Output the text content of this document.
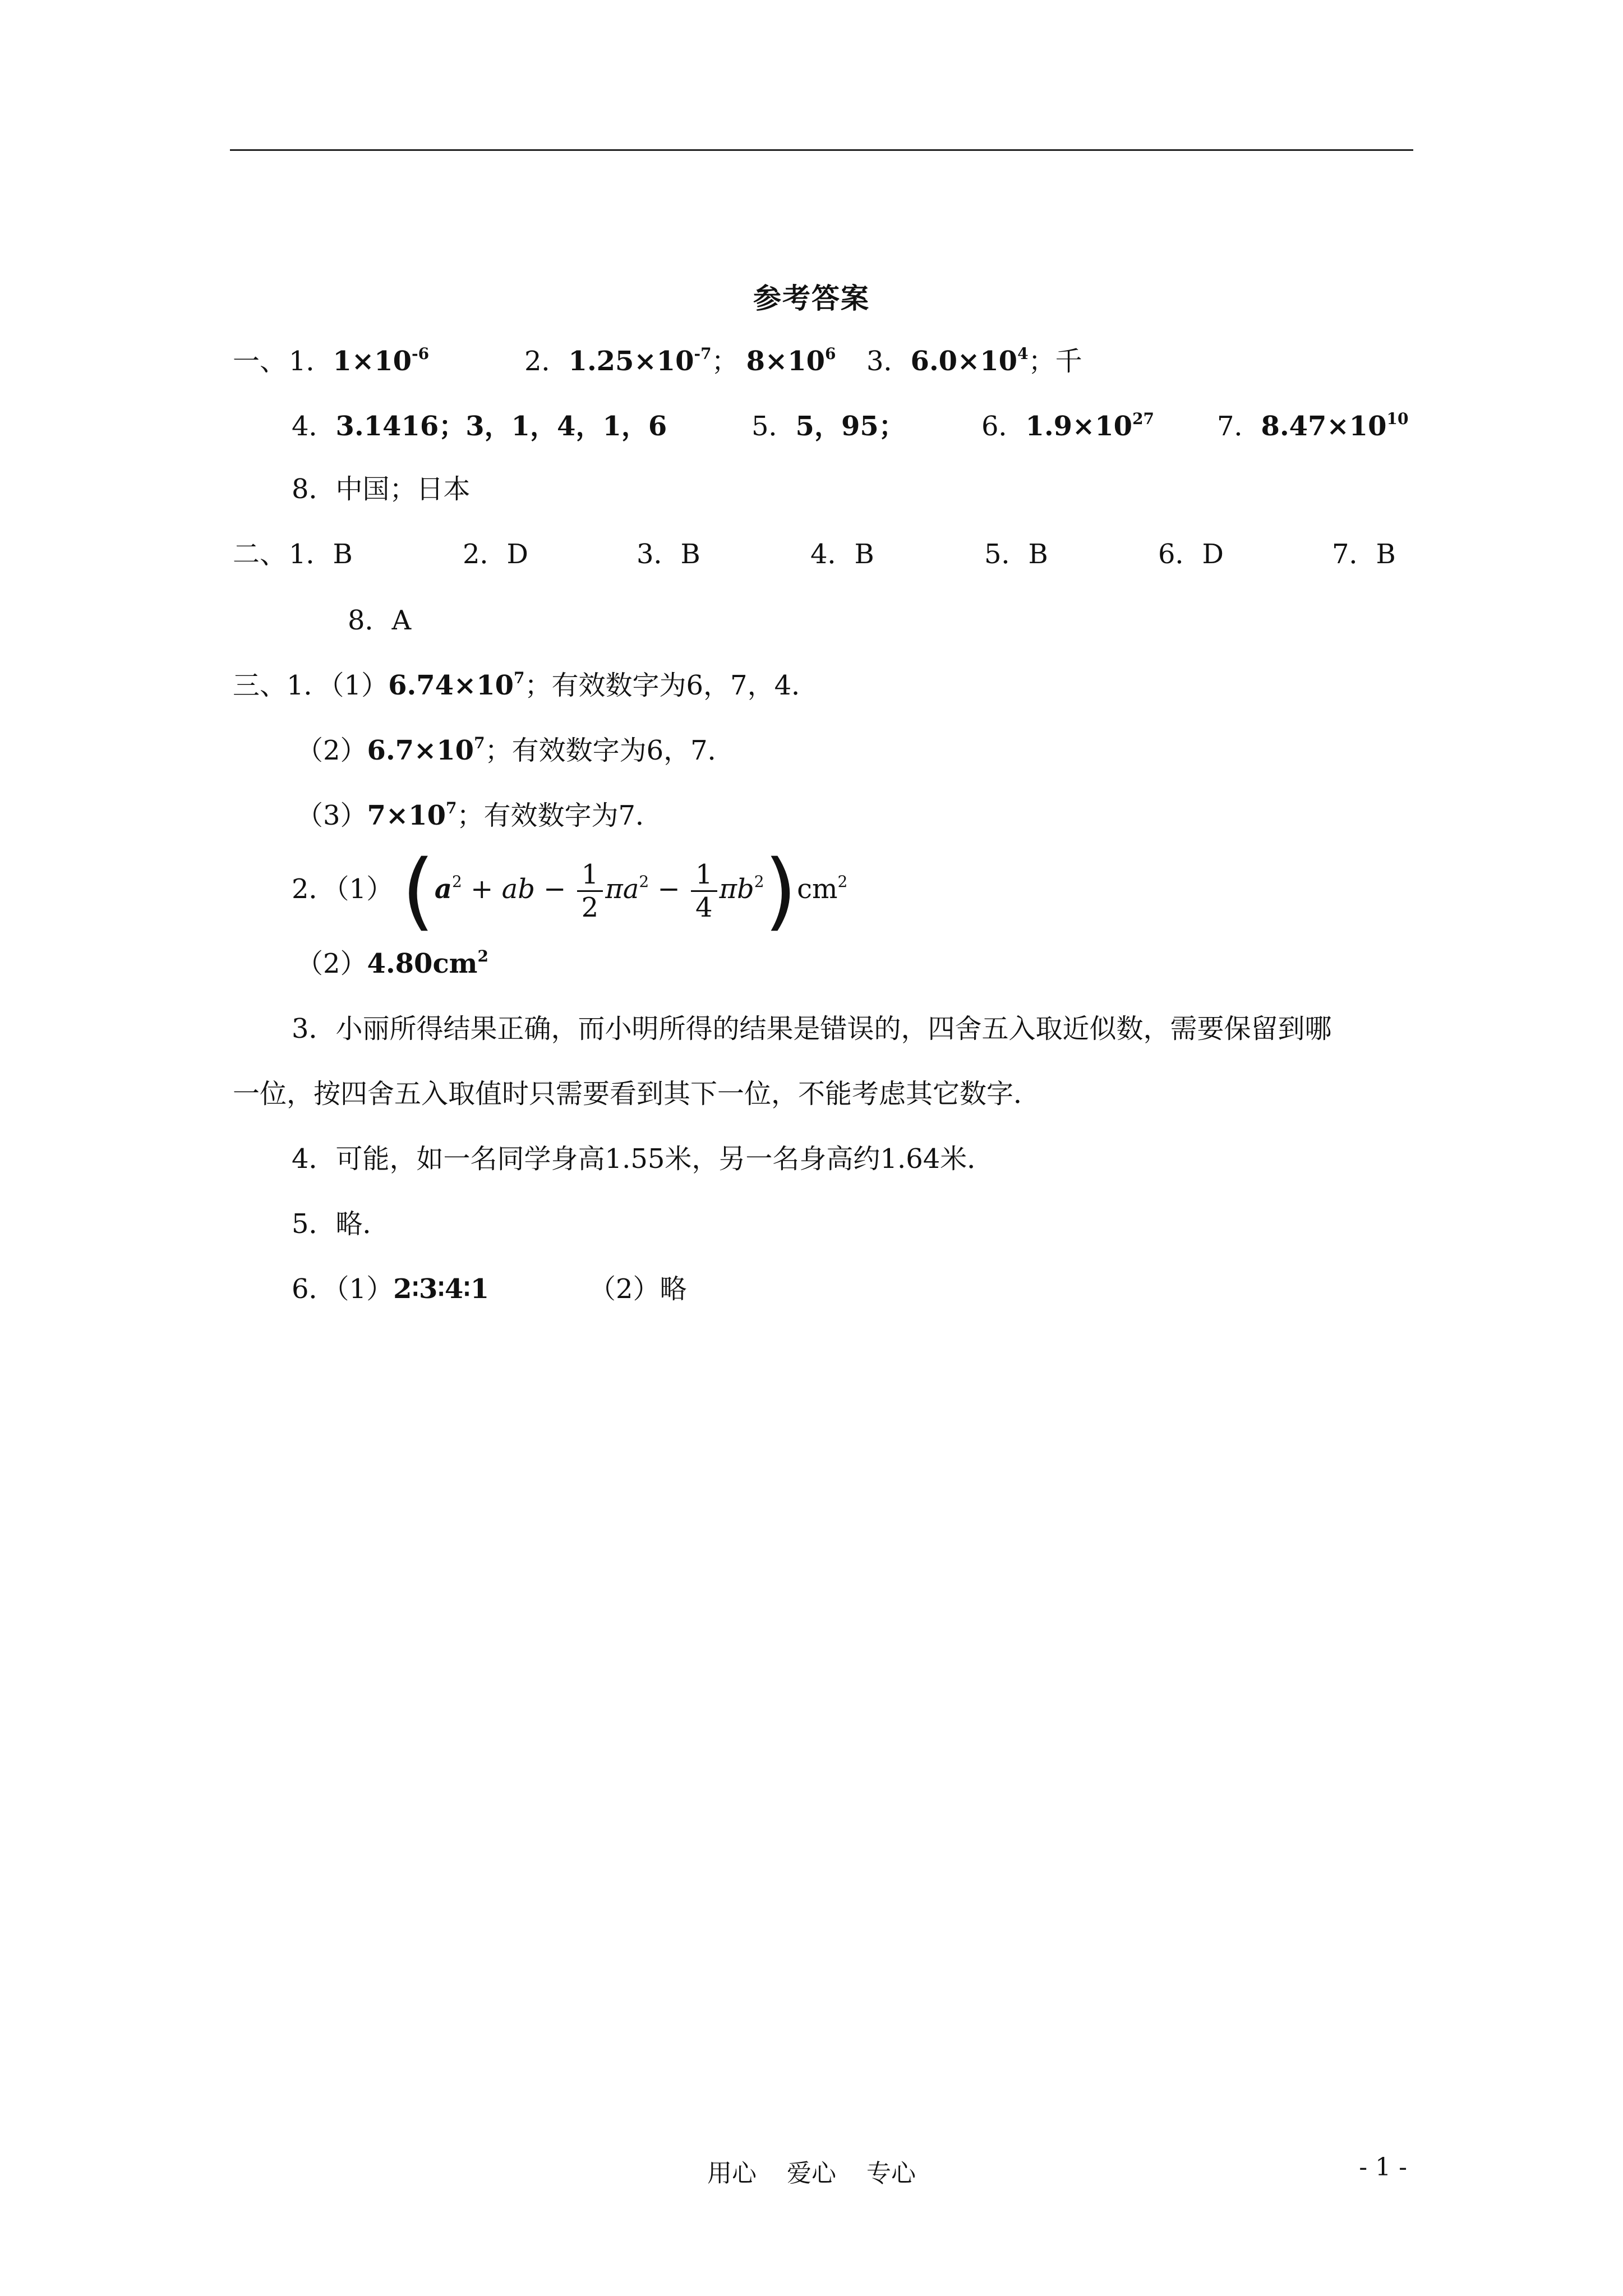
参考答案
一、 1．$1\times 10^{-6}$	2．$1.25\times 10^{-7}$； $8\times 10^6$ 3．$6.0\times 10^4$；千
4．3.1416；3，1，4，1，6	5．5，95；	6．$1.9\times 10^{27}$ 7．$8.47\times 10^{10}$
8．中国；日本
二、 1．B	2．D	3．B	4．B	5．B	6．D	7．B
8．A
三、1．$(1)6.74\times 10^7$；有效数字为6，7，4．
$(2)6.7\times 10^7$；有效数字为6，7．
$(3)7\times 10^7$；有效数字为7．
2．（1） ($a^2$ + ab − $\frac{1}{2} \pi a^2 - \frac{1}{4} \pi b^2)cm^2$
$(2)4.80cm^2$
3．小丽所得结果正确，而小明所得的结果是错误的，四舍五入取近似数，需要保留到哪
一位，按四舍五入取值时只需要看到其下一位，不能考虑其它数字．
4．可能，如一名同学身高1.55米，另一名身高约1.64米．
5．略．
6．（1）2∶3∶4∶1	（2）略
用心 爱心 专心	- 1 -
